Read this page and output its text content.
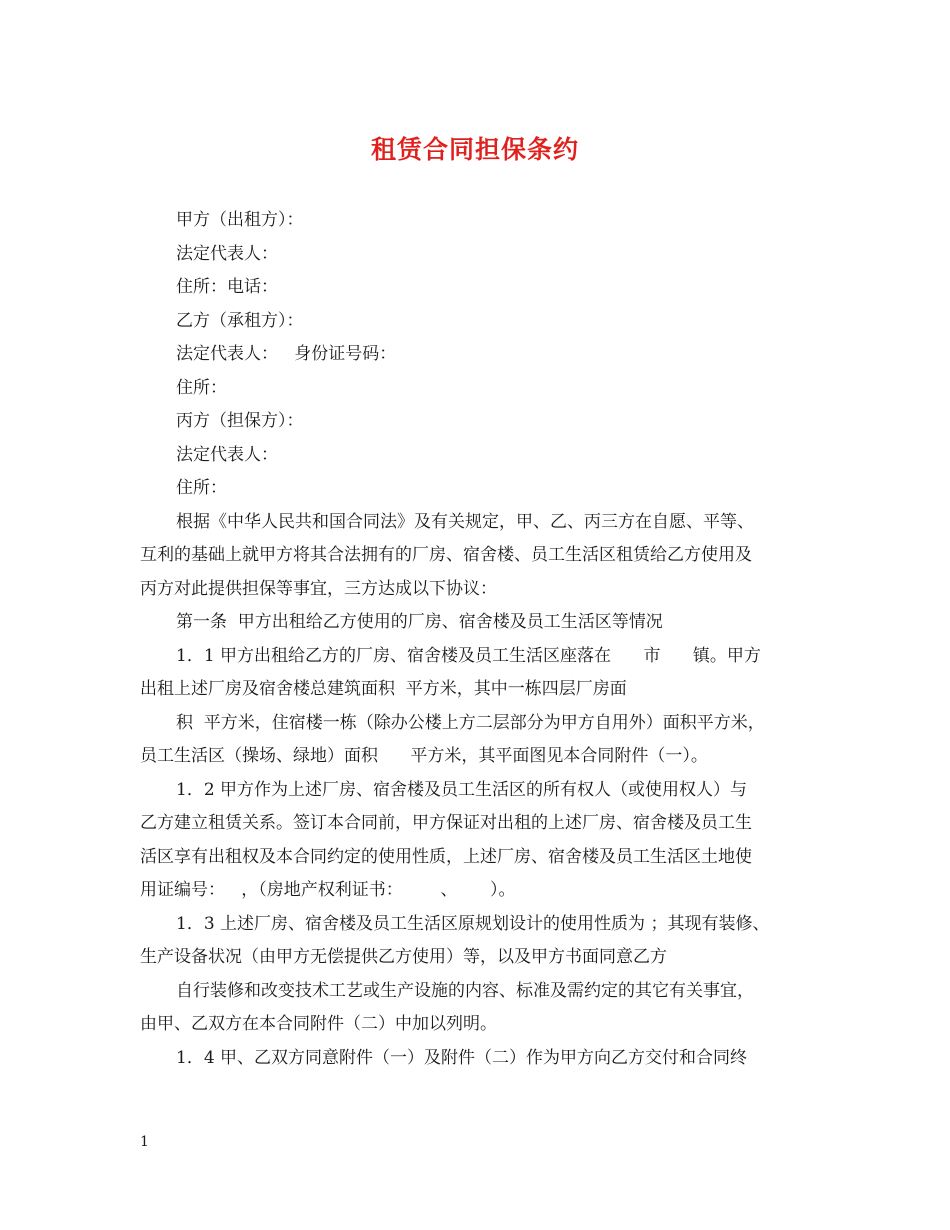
租赁合同担保条约
甲方（出租方）：
法定代表人：
住所：电话：
乙方（承租方）：
法定代表人：   身份证号码：
住所：
丙方（担保方）：
法定代表人：
住所：
根据《中华人民共和国合同法》及有关规定，甲、乙、丙三方在自愿、平等、
互利的基础上就甲方将其合法拥有的厂房、宿舍楼、员工生活区租赁给乙方使用及
丙方对此提供担保等事宜，三方达成以下协议：
第一条  甲方出租给乙方使用的厂房、宿舍楼及员工生活区等情况
1．1 甲方出租给乙方的厂房、宿舍楼及员工生活区座落在      市      镇。甲方
出租上述厂房及宿舍楼总建筑面积  平方米，其中一栋四层厂房面
积  平方米，住宿楼一栋（除办公楼上方二层部分为甲方自用外）面积平方米，
员工生活区（操场、绿地）面积      平方米，其平面图见本合同附件（一）。
1．2 甲方作为上述厂房、宿舍楼及员工生活区的所有权人（或使用权人）与
乙方建立租赁关系。签订本合同前，甲方保证对出租的上述厂房、宿舍楼及员工生
活区享有出租权及本合同约定的使用性质，上述厂房、宿舍楼及员工生活区土地使
用证编号：   ，（房地产权利证书：       、      ）。
1．3 上述厂房、宿舍楼及员工生活区原规划设计的使用性质为 ；其现有装修、
生产设备状况（由甲方无偿提供乙方使用）等，以及甲方书面同意乙方
自行装修和改变技术工艺或生产设施的内容、标准及需约定的其它有关事宜，
由甲、乙双方在本合同附件（二）中加以列明。
1．4 甲、乙双方同意附件（一）及附件（二）作为甲方向乙方交付和合同终
1
